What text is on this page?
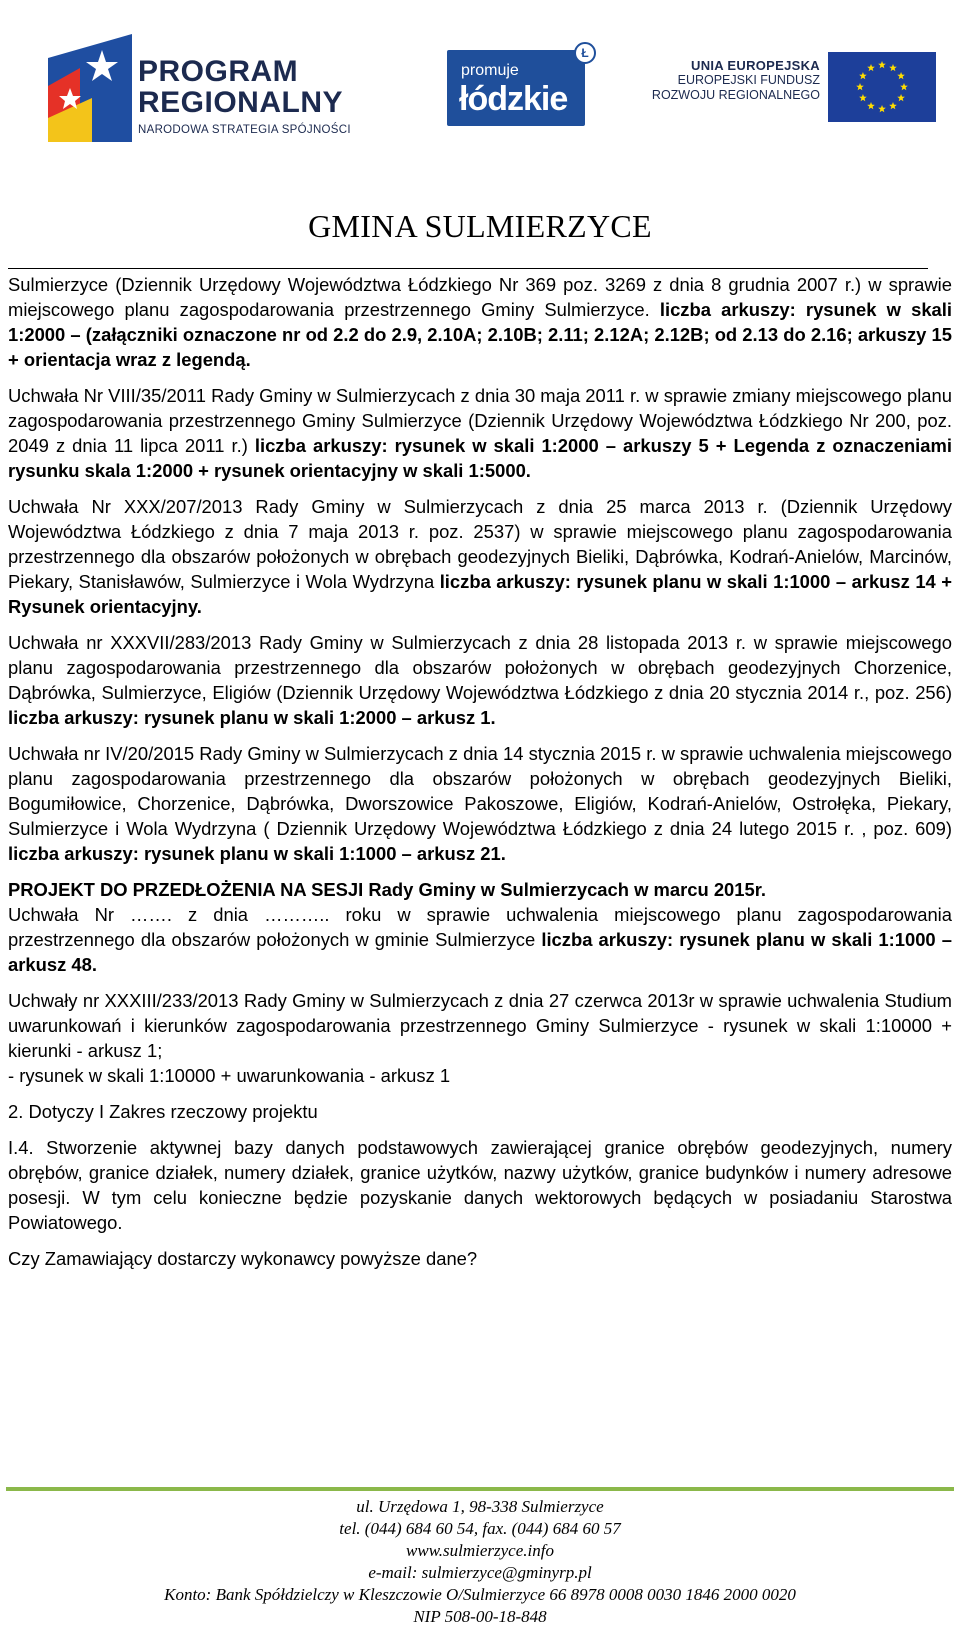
PROGRAM
REGIONALNY
NARODOWA STRATEGIA SPÓJNOŚCI
promuje
łódzkie
Ł
UNIA EUROPEJSKA
EUROPEJSKI FUNDUSZ
ROZWOJU REGIONALNEGO
GMINA SULMIERZYCE

Sulmierzyce (Dziennik Urzędowy Województwa Łódzkiego Nr 369 poz. 3269 z dnia 8 grudnia 2007 r.) w sprawie miejscowego planu zagospodarowania przestrzennego Gminy Sulmierzyce. liczba arkuszy: rysunek w skali 1:2000 – (załączniki oznaczone nr od 2.2 do 2.9, 2.10A; 2.10B; 2.11; 2.12A; 2.12B; od 2.13 do 2.16; arkuszy 15 + orientacja wraz z legendą.

Uchwała Nr VIII/35/2011 Rady Gminy w Sulmierzycach z dnia 30 maja 2011 r. w sprawie zmiany miejscowego planu zagospodarowania przestrzennego Gminy Sulmierzyce (Dziennik Urzędowy Województwa Łódzkiego Nr 200, poz. 2049 z dnia 11 lipca 2011 r.) liczba arkuszy: rysunek w skali 1:2000 – arkuszy 5 + Legenda z oznaczeniami rysunku skala 1:2000 + rysunek orientacyjny w skali 1:5000.

Uchwała Nr XXX/207/2013 Rady Gminy w Sulmierzycach z dnia 25 marca 2013 r. (Dziennik Urzędowy Województwa Łódzkiego z dnia 7 maja 2013 r. poz. 2537) w sprawie miejscowego planu zagospodarowania przestrzennego dla obszarów położonych w obrębach geodezyjnych Bieliki, Dąbrówka, Kodrań-Anielów, Marcinów, Piekary, Stanisławów, Sulmierzyce i Wola Wydrzyna liczba arkuszy: rysunek planu w skali 1:1000 – arkusz 14 + Rysunek orientacyjny.

Uchwała nr XXXVII/283/2013 Rady Gminy w Sulmierzycach z dnia 28 listopada 2013 r. w sprawie miejscowego planu zagospodarowania przestrzennego dla obszarów położonych w obrębach geodezyjnych Chorzenice, Dąbrówka, Sulmierzyce, Eligiów (Dziennik Urzędowy Województwa Łódzkiego z dnia 20 stycznia 2014 r., poz. 256) liczba arkuszy: rysunek planu w skali 1:2000 – arkusz 1.

Uchwała nr IV/20/2015 Rady Gminy w Sulmierzycach z dnia 14 stycznia 2015 r. w sprawie uchwalenia miejscowego planu zagospodarowania przestrzennego dla obszarów położonych w obrębach geodezyjnych Bieliki, Bogumiłowice, Chorzenice, Dąbrówka, Dworszowice Pakoszowe, Eligiów, Kodrań-Anielów, Ostrołęka, Piekary, Sulmierzyce i Wola Wydrzyna ( Dziennik Urzędowy Województwa Łódzkiego z dnia 24 lutego 2015 r. , poz. 609) liczba arkuszy: rysunek planu w skali 1:1000 – arkusz 21.

PROJEKT DO PRZEDŁOŻENIA NA SESJI Rady Gminy w Sulmierzycach w marcu 2015r.
Uchwała Nr ……. z dnia ……….. roku w sprawie uchwalenia miejscowego planu zagospodarowania przestrzennego dla obszarów położonych w gminie Sulmierzyce liczba arkuszy: rysunek planu w skali 1:1000 – arkusz 48.

Uchwały nr XXXIII/233/2013 Rady Gminy w Sulmierzycach z dnia 27 czerwca 2013r w sprawie uchwalenia Studium uwarunkowań i kierunków zagospodarowania przestrzennego Gminy Sulmierzyce - rysunek w skali 1:10000 + kierunki - arkusz 1;
- rysunek w skali 1:10000 + uwarunkowania - arkusz 1

2. Dotyczy I Zakres rzeczowy projektu

I.4. Stworzenie aktywnej bazy danych podstawowych zawierającej granice obrębów geodezyjnych, numery obrębów, granice działek, numery działek, granice użytków, nazwy użytków, granice budynków i numery adresowe posesji. W tym celu konieczne będzie pozyskanie danych wektorowych będących w posiadaniu Starostwa Powiatowego.

Czy Zamawiający dostarczy wykonawcy powyższe dane?

ul. Urzędowa 1, 98-338 Sulmierzyce
tel. (044) 684 60 54, fax. (044) 684 60 57
www.sulmierzyce.info
e-mail: sulmierzyce@gminyrp.pl
Konto: Bank Spółdzielczy w Kleszczowie O/Sulmierzyce 66 8978 0008 0030 1846 2000 0020
NIP 508-00-18-848
